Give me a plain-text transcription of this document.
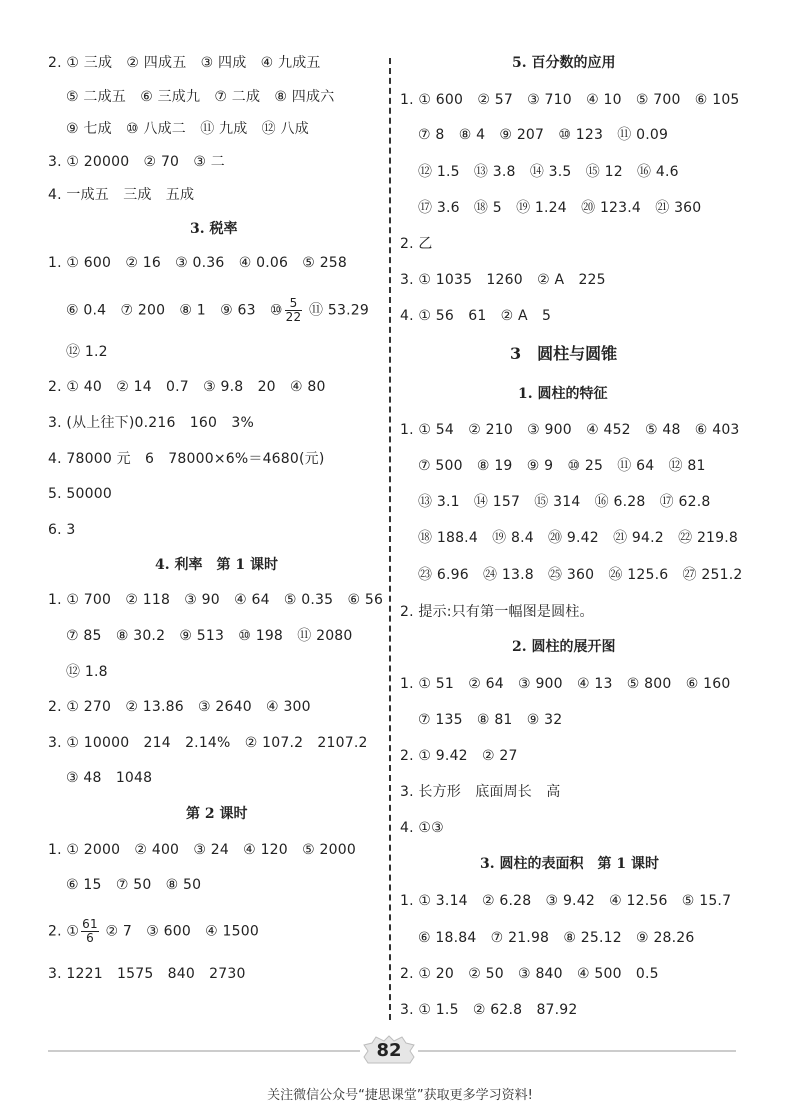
2. ① 三成　② 四成五　③ 四成　④ 九成五
⑤ 二成五　⑥ 三成九　⑦ 二成　⑧ 四成六
⑨ 七成　⑩ 八成二　⑪ 九成　⑫ 八成
3. ① 20000　② 70　③ 二
4. 一成五　三成　五成
3. 税率
1. ① 600　② 16　③ 0.36　④ 0.06　⑤ 258
⑥ 0.4　⑦ 200　⑧ 1　⑨ 63　⑩ $\frac{5}{22}$ ⑪ 53.29
⑫ 1.2
2. ① 40　② 14　0.7　③ 9.8　20　④ 80
3. (从上往下)0.216　160　3%
4. 78000 元　6　78000×6%＝4680(元)
5. 50000
6. 3
4. 利率　第 1 课时
1. ① 700　② 118　③ 90　④ 64　⑤ 0.35　⑥ 56
⑦ 85　⑧ 30.2　⑨ 513　⑩ 198　⑪ 2080
⑫ 1.8
2. ① 270　② 13.86　③ 2640　④ 300
3. ① 10000　214　2.14%　② 107.2　2107.2
③ 48　1048
第 2 课时
1. ① 2000　② 400　③ 24　④ 120　⑤ 2000
⑥ 15　⑦ 50　⑧ 50
2. ① $\frac{61}{6}$ ② 7　③ 600　④ 1500
3. 1221　1575　840　2730
5. 百分数的应用
1. ① 600　② 57　③ 710　④ 10　⑤ 700　⑥ 105
⑦ 8　⑧ 4　⑨ 207　⑩ 123　⑪ 0.09
⑫ 1.5　⑬ 3.8　⑭ 3.5　⑮ 12　⑯ 4.6
⑰ 3.6　⑱ 5　⑲ 1.24　⑳ 123.4　㉑ 360
2. 乙
3. ① 1035　1260　② A　225
4. ① 56　61　② A　5
3　圆柱与圆锥
1. 圆柱的特征
1. ① 54　② 210　③ 900　④ 452　⑤ 48　⑥ 403
⑦ 500　⑧ 19　⑨ 9　⑩ 25　⑪ 64　⑫ 81
⑬ 3.1　⑭ 157　⑮ 314　⑯ 6.28　⑰ 62.8
⑱ 188.4　⑲ 8.4　⑳ 9.42　㉑ 94.2　㉒ 219.8
㉓ 6.96　㉔ 13.8　㉕ 360　㉖ 125.6　㉗ 251.2
2. 提示:只有第一幅图是圆柱。
2. 圆柱的展开图
1. ① 51　② 64　③ 900　④ 13　⑤ 800　⑥ 160
⑦ 135　⑧ 81　⑨ 32
2. ① 9.42　② 27
3. 长方形　底面周长　高
4. ①③
3. 圆柱的表面积　第 1 课时
1. ① 3.14　② 6.28　③ 9.42　④ 12.56　⑤ 15.7
⑥ 18.84　⑦ 21.98　⑧ 25.12　⑨ 28.26
2. ① 20　② 50　③ 840　④ 500　0.5
3. ① 1.5　② 62.8　87.92
82
关注微信公众号“捷思课堂”获取更多学习资料!
